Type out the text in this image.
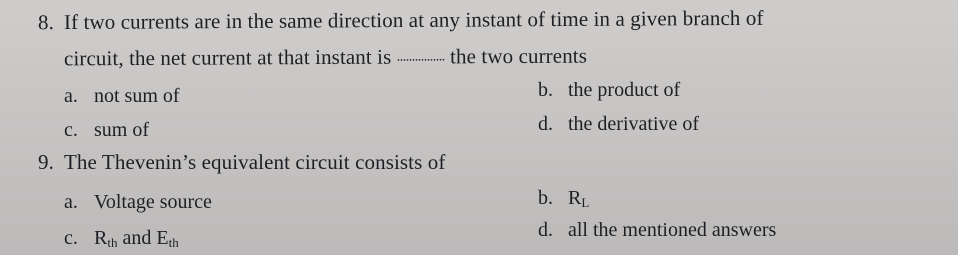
8. If two currents are in the same direction at any instant of time in a given branch of
circuit, the net current at that instant is ................ the two currents
a. not sum of	b. the product of
c. sum of	d. the derivative of
9. The Thevenin’s equivalent circuit consists of
a. Voltage source	b. $R_L$
c. $R_{th}$ and $E_{th}$
d. all the mentioned answers
